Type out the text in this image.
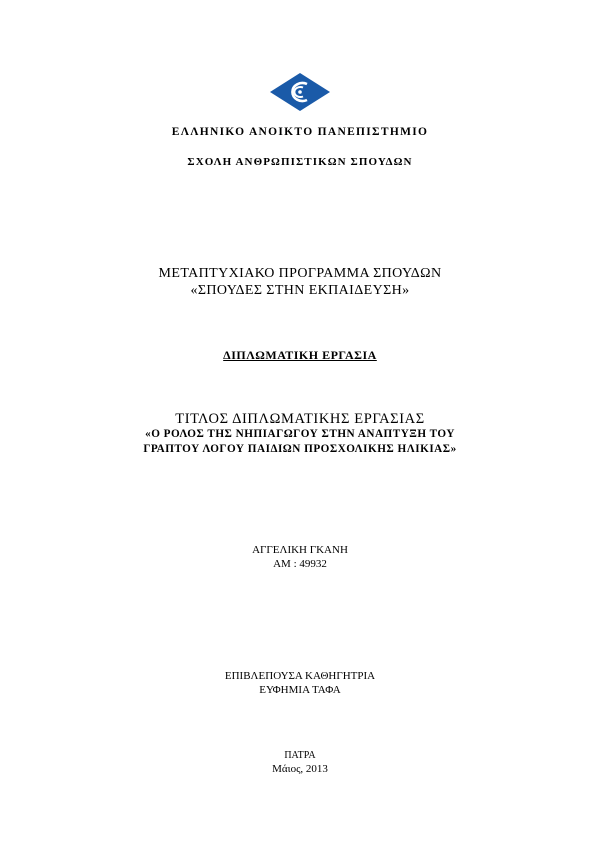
ΕΛΛΗΝΙΚΟ ΑΝΟΙΚΤΟ ΠΑΝΕΠΙΣΤΗΜΙΟ
ΣΧΟΛΗ ΑΝΘΡΩΠΙΣΤΙΚΩΝ ΣΠΟΥΔΩΝ
ΜΕΤΑΠΤΥΧΙΑΚΟ ΠΡΟΓΡΑΜΜΑ ΣΠΟΥΔΩΝ
«ΣΠΟΥΔΕΣ ΣΤΗΝ ΕΚΠΑΙΔΕΥΣΗ»
ΔΙΠΛΩΜΑΤΙΚΗ ΕΡΓΑΣΙΑ
ΤΙΤΛΟΣ ΔΙΠΛΩΜΑΤΙΚΗΣ ΕΡΓΑΣΙΑΣ
«Ο ΡΟΛΟΣ ΤΗΣ ΝΗΠΙΑΓΩΓΟΥ ΣΤΗΝ ΑΝΑΠΤΥΞΗ ΤΟΥ
ΓΡΑΠΤΟΥ ΛΟΓΟΥ ΠΑΙΔΙΩΝ ΠΡΟΣΧΟΛΙΚΗΣ ΗΛΙΚΙΑΣ»
ΑΓΓΕΛΙΚΗ ΓΚΑΝΗ
ΑΜ : 49932
ΕΠΙΒΛΕΠΟΥΣΑ ΚΑΘΗΓΗΤΡΙΑ
ΕΥΦΗΜΙΑ ΤΑΦΑ
ΠΑΤΡΑ
Μάιος, 2013
